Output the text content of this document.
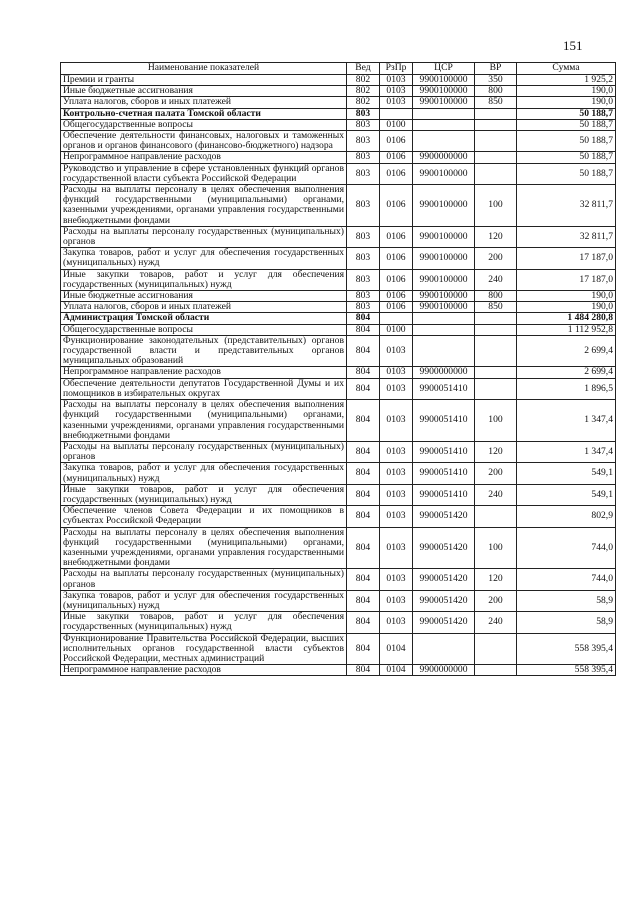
151
Наименование показателей	Вед	РзПр	ЦСР	ВР	Сумма
Премии и гранты	802	0103	9900100000	350	1 925,2
Иные бюджетные ассигнования	802	0103	9900100000	800	190,0
Уплата налогов, сборов и иных платежей	802	0103	9900100000	850	190,0
Контрольно-счетная палата Томской области	803				50 188,7
Общегосударственные вопросы	803	0100			50 188,7
Обеспечение деятельности финансовых, налоговых и таможенных органов и органов финансового (финансово-бюджетного) надзора	803	0106			50 188,7
Непрограммное направление расходов	803	0106	9900000000		50 188,7
Руководство и управление в сфере установленных функций органов государственной власти субъекта Российской Федерации	803	0106	9900100000		50 188,7
Расходы на выплаты персоналу в целях обеспечения выполнения функций государственными (муниципальными) органами, казенными учреждениями, органами управления государственными внебюджетными фондами	803	0106	9900100000	100	32 811,7
Расходы на выплаты персоналу государственных (муниципальных) органов	803	0106	9900100000	120	32 811,7
Закупка товаров, работ и услуг для обеспечения государственных (муниципальных) нужд	803	0106	9900100000	200	17 187,0
Иные закупки товаров, работ и услуг для обеспечения государственных (муниципальных) нужд	803	0106	9900100000	240	17 187,0
Иные бюджетные ассигнования	803	0106	9900100000	800	190,0
Уплата налогов, сборов и иных платежей	803	0106	9900100000	850	190,0
Администрация Томской области	804				1 484 280,8
Общегосударственные вопросы	804	0100			1 112 952,8
Функционирование законодательных (представительных) органов государственной власти и представительных органов муниципальных образований	804	0103			2 699,4
Непрограммное направление расходов	804	0103	9900000000		2 699,4
Обеспечение деятельности депутатов Государственной Думы и их помощников в избирательных округах	804	0103	9900051410		1 896,5
Расходы на выплаты персоналу в целях обеспечения выполнения функций государственными (муниципальными) органами, казенными учреждениями, органами управления государственными внебюджетными фондами	804	0103	9900051410	100	1 347,4
Расходы на выплаты персоналу государственных (муниципальных) органов	804	0103	9900051410	120	1 347,4
Закупка товаров, работ и услуг для обеспечения государственных (муниципальных) нужд	804	0103	9900051410	200	549,1
Иные закупки товаров, работ и услуг для обеспечения государственных (муниципальных) нужд	804	0103	9900051410	240	549,1
Обеспечение членов Совета Федерации и их помощников в субъектах Российской Федерации	804	0103	9900051420		802,9
Расходы на выплаты персоналу в целях обеспечения выполнения функций государственными (муниципальными) органами, казенными учреждениями, органами управления государственными внебюджетными фондами	804	0103	9900051420	100	744,0
Расходы на выплаты персоналу государственных (муниципальных) органов	804	0103	9900051420	120	744,0
Закупка товаров, работ и услуг для обеспечения государственных (муниципальных) нужд	804	0103	9900051420	200	58,9
Иные закупки товаров, работ и услуг для обеспечения государственных (муниципальных) нужд	804	0103	9900051420	240	58,9
Функционирование Правительства Российской Федерации, высших исполнительных органов государственной власти субъектов Российской Федерации, местных администраций	804	0104			558 395,4
Непрограммное направление расходов	804	0104	9900000000		558 395,4
